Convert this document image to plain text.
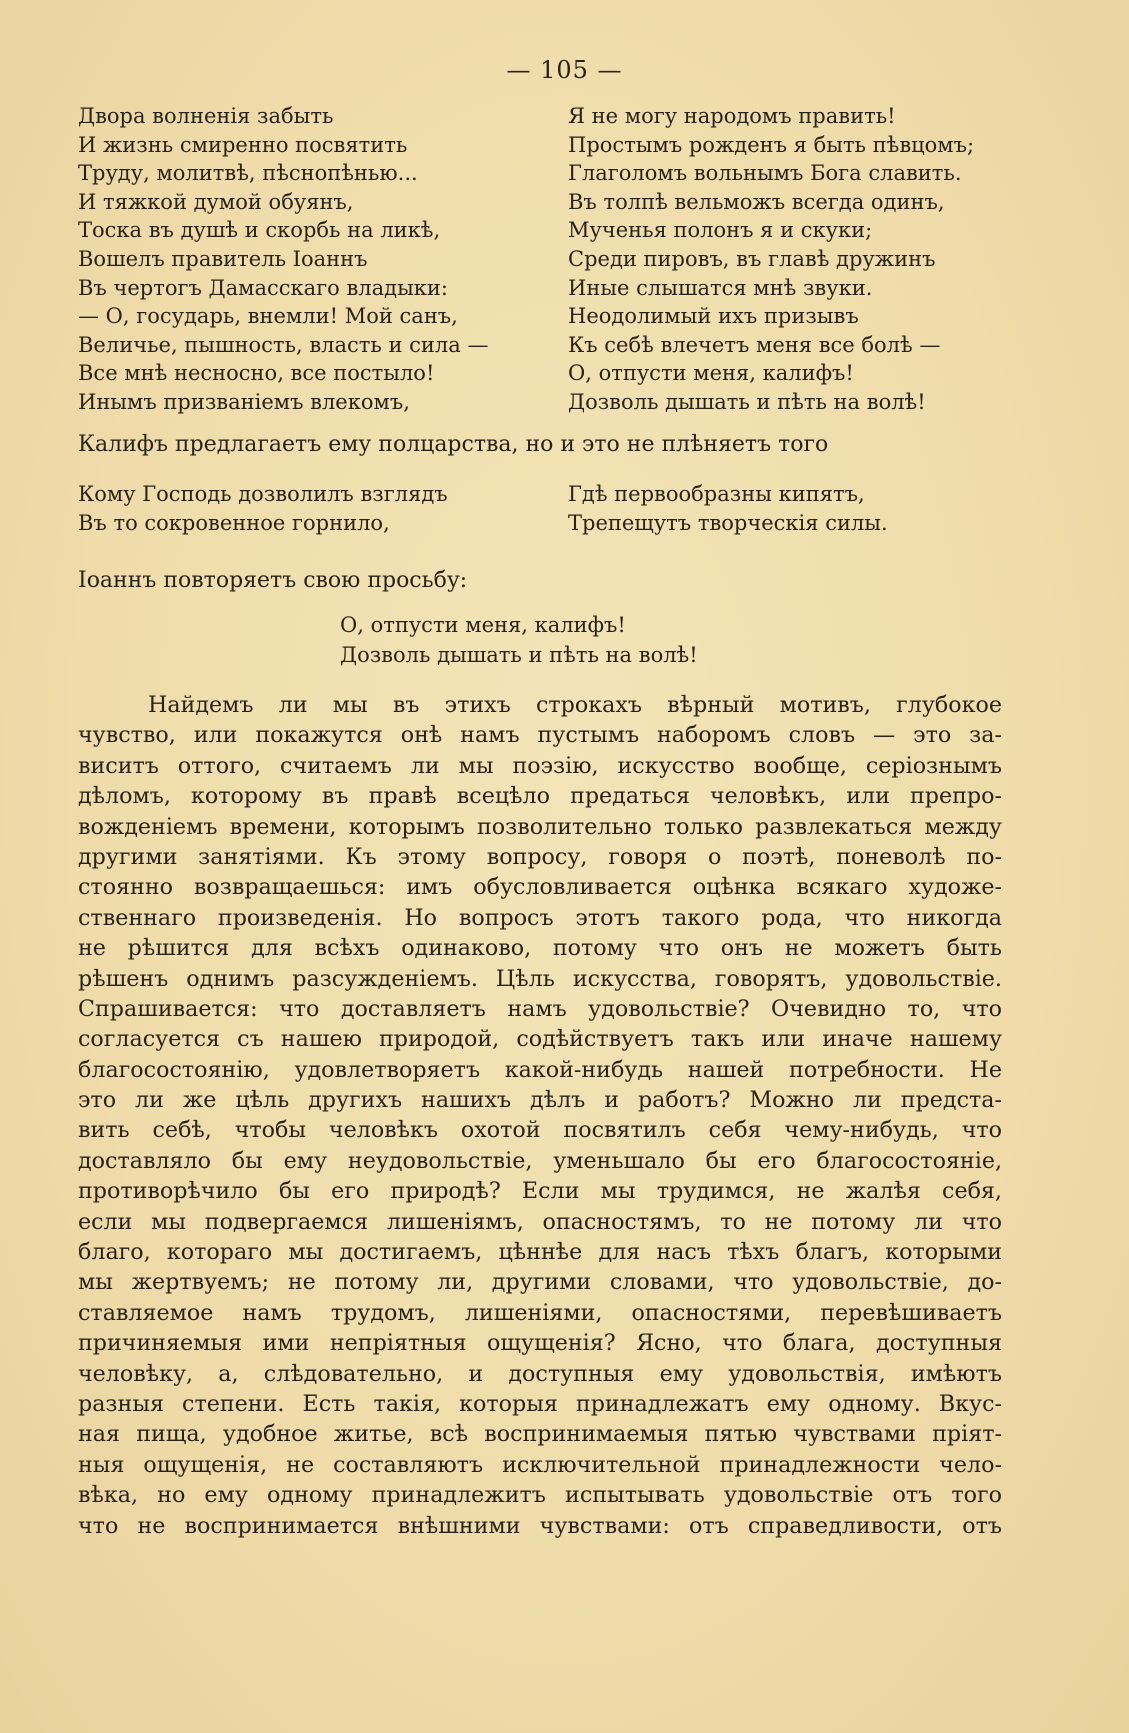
— 105 —
Двора волненія забыть
И жизнь смиренно посвятить
Труду, молитвѣ, пѣснопѣнью...
И тяжкой думой обуянъ,
Тоска въ душѣ и скорбь на ликѣ,
Вошелъ правитель Іоаннъ
Въ чертогъ Дамасскаго владыки:
— О, государь, внемли! Мой санъ,
Величье, пышность, власть и сила —
Все мнѣ несносно, все постыло!
Инымъ призваніемъ влекомъ,
Я не могу народомъ править!
Простымъ рожденъ я быть пѣвцомъ;
Глаголомъ вольнымъ Бога славить.
Въ толпѣ вельможъ всегда одинъ,
Мученья полонъ я и скуки;
Среди пировъ, въ главѣ дружинъ
Иные слышатся мнѣ звуки.
Неодолимый ихъ призывъ
Къ себѣ влечетъ меня все болѣ —
О, отпусти меня, калифъ!
Дозволь дышать и пѣть на волѣ!
Калифъ предлагаетъ ему полцарства, но и это не плѣняетъ того
Кому Господь дозволилъ взглядъ
Въ то сокровенное горнило,
Гдѣ первообразны кипятъ,
Трепещутъ творческія силы.
Іоаннъ повторяетъ свою просьбу:
О, отпусти меня, калифъ!
Дозволь дышать и пѣть на волѣ!
Найдемъ ли мы въ этихъ строкахъ вѣрный мотивъ, глубокое
чувство, или покажутся онѣ намъ пустымъ наборомъ словъ — это за-
виситъ оттого, считаемъ ли мы поэзію, искусство вообще, серіознымъ
дѣломъ, которому въ правѣ всецѣло предаться человѣкъ, или препро-
вожденіемъ времени, которымъ позволительно только развлекаться между
другими занятіями. Къ этому вопросу, говоря о поэтѣ, поневолѣ по-
стоянно возвращаешься: имъ обусловливается оцѣнка всякаго художе-
ственнаго произведенія. Но вопросъ этотъ такого рода, что никогда
не рѣшится для всѣхъ одинаково, потому что онъ не можетъ быть
рѣшенъ однимъ разсужденіемъ. Цѣль искусства, говорятъ, удовольствіе.
Спрашивается: что доставляетъ намъ удовольствіе? Очевидно то, что
согласуется съ нашею природой, содѣйствуетъ такъ или иначе нашему
благосостоянію, удовлетворяетъ какой-нибудь нашей потребности. Не
это ли же цѣль другихъ нашихъ дѣлъ и работъ? Можно ли предста-
вить себѣ, чтобы человѣкъ охотой посвятилъ себя чему-нибудь, что
доставляло бы ему неудовольствіе, уменьшало бы его благосостояніе,
противорѣчило бы его природѣ? Если мы трудимся, не жалѣя себя,
если мы подвергаемся лишеніямъ, опасностямъ, то не потому ли что
благо, котораго мы достигаемъ, цѣннѣе для насъ тѣхъ благъ, которыми
мы жертвуемъ; не потому ли, другими словами, что удовольствіе, до-
ставляемое намъ трудомъ, лишеніями, опасностями, перевѣшиваетъ
причиняемыя ими непріятныя ощущенія? Ясно, что блага, доступныя
человѣку, а, слѣдовательно, и доступныя ему удовольствія, имѣютъ
разныя степени. Есть такія, которыя принадлежатъ ему одному. Вкус-
ная пища, удобное житье, всѣ воспринимаемыя пятью чувствами пріят-
ныя ощущенія, не составляютъ исключительной принадлежности чело-
вѣка, но ему одному принадлежитъ испытывать удовольствіе отъ того
что не воспринимается внѣшними чувствами: отъ справедливости, отъ
